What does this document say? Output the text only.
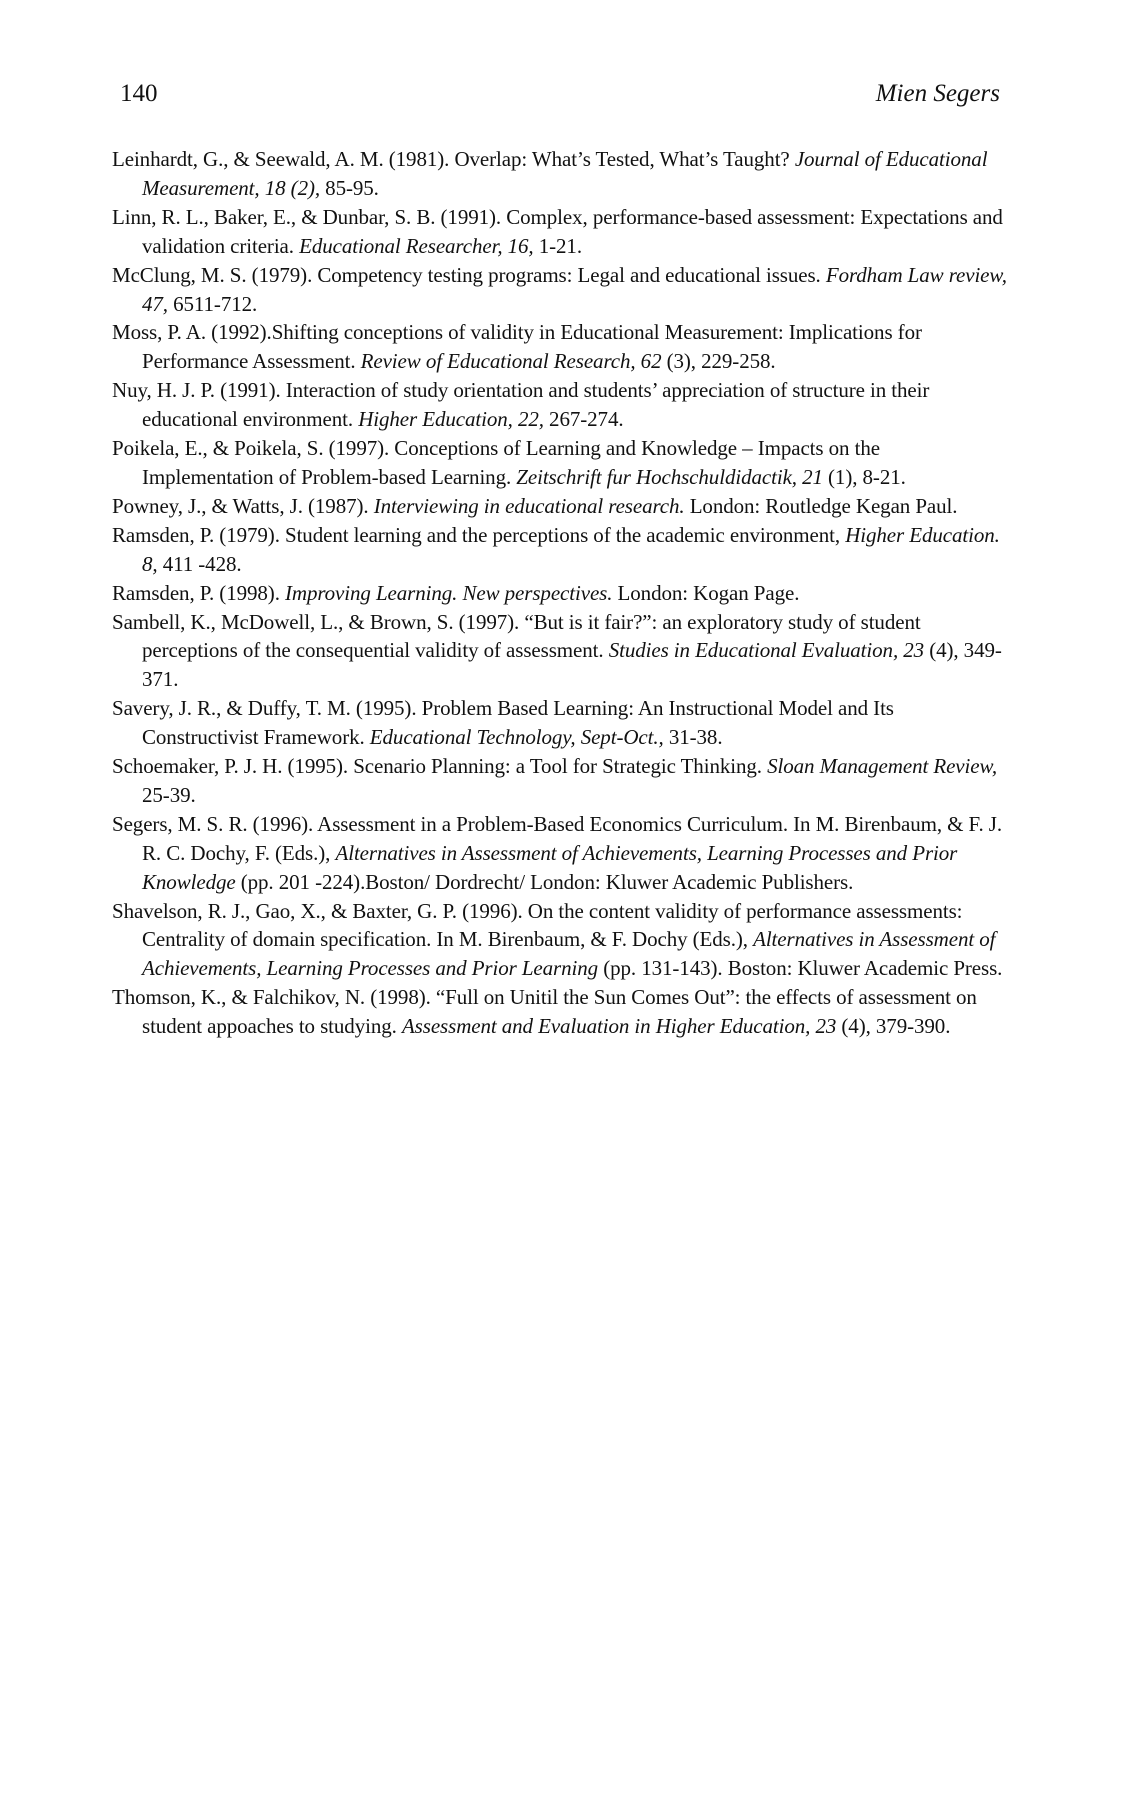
140	Mien Segers

Leinhardt, G., & Seewald, A. M. (1981). Overlap: What’s Tested, What’s Taught? Journal of Educational Measurement, 18 (2), 85-95.

Linn, R. L., Baker, E., & Dunbar, S. B. (1991). Complex, performance-based assessment: Expectations and validation criteria. Educational Researcher, 16, 1-21.

McClung, M. S. (1979). Competency testing programs: Legal and educational issues. Fordham Law review, 47, 6511-712.

Moss, P. A. (1992).Shifting conceptions of validity in Educational Measurement: Implications for Performance Assessment. Review of Educational Research, 62 (3), 229-258.

Nuy, H. J. P. (1991). Interaction of study orientation and students’ appreciation of structure in their educational environment. Higher Education, 22, 267-274.

Poikela, E., & Poikela, S. (1997). Conceptions of Learning and Knowledge – Impacts on the Implementation of Problem-based Learning. Zeitschrift fur Hochschuldidactik, 21 (1), 8-21.

Powney, J., & Watts, J. (1987). Interviewing in educational research. London: Routledge Kegan Paul.

Ramsden, P. (1979). Student learning and the perceptions of the academic environment, Higher Education. 8, 411 -428.

Ramsden, P. (1998). Improving Learning. New perspectives. London: Kogan Page.

Sambell, K., McDowell, L., & Brown, S. (1997). “But is it fair?”: an exploratory study of student perceptions of the consequential validity of assessment. Studies in Educational Evaluation, 23 (4), 349-371.

Savery, J. R., & Duffy, T. M. (1995). Problem Based Learning: An Instructional Model and Its Constructivist Framework. Educational Technology, Sept-Oct., 31-38.

Schoemaker, P. J. H. (1995). Scenario Planning: a Tool for Strategic Thinking. Sloan Management Review, 25-39.

Segers, M. S. R. (1996). Assessment in a Problem-Based Economics Curriculum. In M. Birenbaum, & F. J. R. C. Dochy, F. (Eds.), Alternatives in Assessment of Achievements, Learning Processes and Prior Knowledge (pp. 201 -224).Boston/ Dordrecht/ London: Kluwer Academic Publishers.

Shavelson, R. J., Gao, X., & Baxter, G. P. (1996). On the content validity of performance assessments: Centrality of domain specification. In M. Birenbaum, & F. Dochy (Eds.), Alternatives in Assessment of Achievements, Learning Processes and Prior Learning (pp. 131-143). Boston: Kluwer Academic Press.

Thomson, K., & Falchikov, N. (1998). “Full on Unitil the Sun Comes Out”: the effects of assessment on student appoaches to studying. Assessment and Evaluation in Higher Education, 23 (4), 379-390.
